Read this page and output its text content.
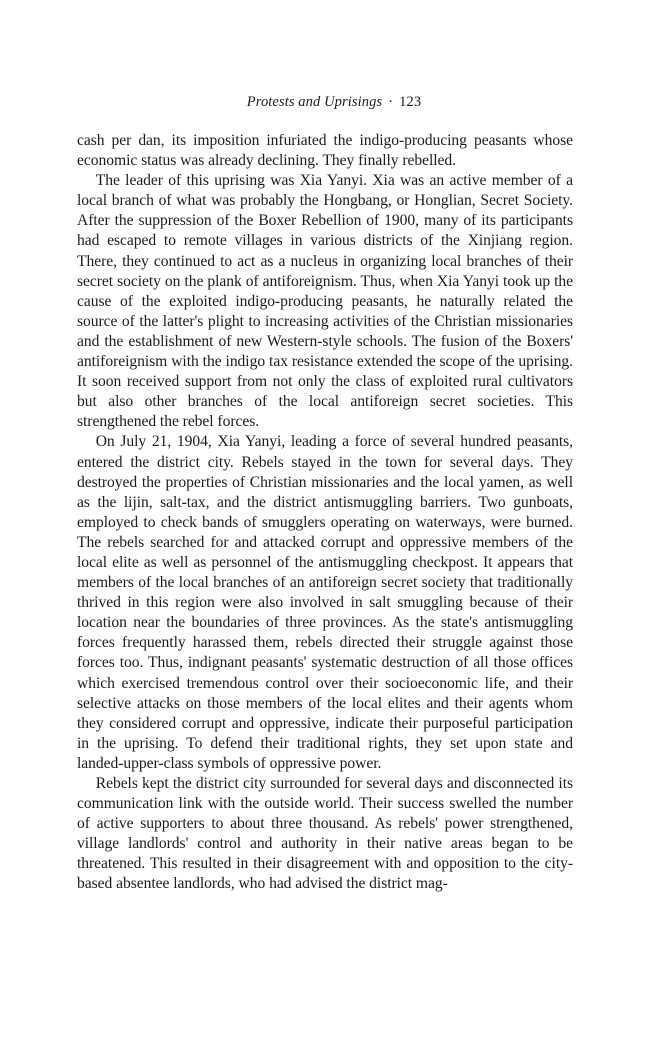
Protests and Uprisings · 123

cash per dan, its imposition infuriated the indigo-producing peasants whose economic status was already declining. They finally rebelled.

The leader of this uprising was Xia Yanyi. Xia was an active member of a local branch of what was probably the Hongbang, or Honglian, Secret Society. After the suppression of the Boxer Rebellion of 1900, many of its participants had escaped to remote villages in various districts of the Xinjiang region. There, they continued to act as a nucleus in organizing local branches of their secret society on the plank of antiforeignism. Thus, when Xia Yanyi took up the cause of the exploited indigo-producing peasants, he naturally related the source of the latter's plight to increasing activities of the Christian missionaries and the establishment of new Western-style schools. The fusion of the Boxers' antiforeignism with the indigo tax resistance extended the scope of the uprising. It soon received support from not only the class of exploited rural cultivators but also other branches of the local antiforeign secret societies. This strengthened the rebel forces.

On July 21, 1904, Xia Yanyi, leading a force of several hundred peasants, entered the district city. Rebels stayed in the town for several days. They destroyed the properties of Christian missionaries and the local yamen, as well as the lijin, salt-tax, and the district antismuggling barriers. Two gunboats, employed to check bands of smugglers operating on waterways, were burned. The rebels searched for and attacked corrupt and oppressive members of the local elite as well as personnel of the antismuggling checkpost. It appears that members of the local branches of an antiforeign secret society that traditionally thrived in this region were also involved in salt smuggling because of their location near the boundaries of three provinces. As the state's antismuggling forces frequently harassed them, rebels directed their struggle against those forces too. Thus, indignant peasants' systematic destruction of all those offices which exercised tremendous control over their socioeconomic life, and their selective attacks on those members of the local elites and their agents whom they considered corrupt and oppressive, indicate their purposeful participation in the uprising. To defend their traditional rights, they set upon state and landed-upper-class symbols of oppressive power.

Rebels kept the district city surrounded for several days and disconnected its communication link with the outside world. Their success swelled the number of active supporters to about three thousand. As rebels' power strengthened, village landlords' control and authority in their native areas began to be threatened. This resulted in their disagreement with and opposition to the city-based absentee landlords, who had advised the district mag-
